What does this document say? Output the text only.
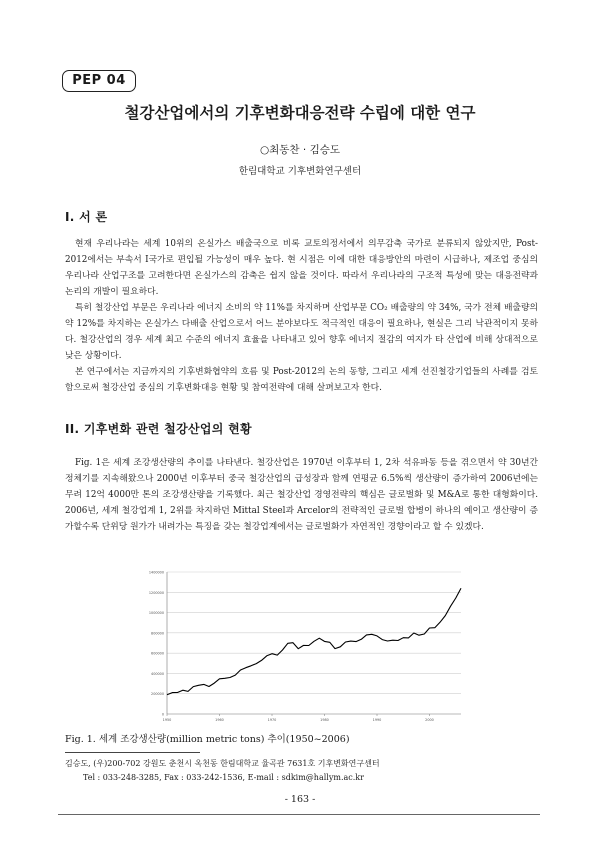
PEP 04
철강산업에서의 기후변화대응전략 수립에 대한 연구
○최동찬 · 김승도
한림대학교 기후변화연구센터
I. 서 론

현재 우리나라는 세계 10위의 온실가스 배출국으로 비록 교토의정서에서 의무감축 국가로 분류되지 않았지만, Post-2012에서는 부속서 I국가로 편입될 가능성이 매우 높다. 현 시점은 이에 대한 대응방안의 마련이 시급하나, 제조업 중심의 우리나라 산업구조를 고려한다면 온실가스의 감축은 쉽지 않을 것이다. 따라서 우리나라의 구조적 특성에 맞는 대응전략과 논리의 개발이 필요하다.

특히 철강산업 부문은 우리나라 에너지 소비의 약 11%를 차지하며 산업부문 CO₂ 배출량의 약 34%, 국가 전체 배출량의 약 12%를 차지하는 온실가스 다배출 산업으로서 어느 분야보다도 적극적인 대응이 필요하나, 현실은 그리 낙관적이지 못하다. 철강산업의 경우 세계 최고 수준의 에너지 효율을 나타내고 있어 향후 에너지 절감의 여지가 타 산업에 비해 상대적으로 낮은 상황이다.

본 연구에서는 지금까지의 기후변화협약의 흐름 및 Post-2012의 논의 동향, 그리고 세계 선진철강기업들의 사례를 검토함으로써 철강산업 중심의 기후변화대응 현황 및 참여전략에 대해 살펴보고자 한다.

II. 기후변화 관련 철강산업의 현황

Fig. 1은 세계 조강생산량의 추이를 나타낸다. 철강산업은 1970년 이후부터 1, 2차 석유파동 등을 겪으면서 약 30년간 정체기를 지속해왔으나 2000년 이후부터 중국 철강산업의 급성장과 함께 연평균 6.5%씩 생산량이 증가하여 2006년에는 무려 12억 4000만 톤의 조강생산량을 기록했다. 최근 철강산업 경영전략의 핵심은 글로벌화 및 M&A로 통한 대형화이다. 2006년, 세계 철강업계 1, 2위를 차지하던 Mittal Steel과 Arcelor의 전략적인 글로벌 합병이 하나의 예이고 생산량이 증가할수록 단위당 원가가 내려가는 특징을 갖는 철강업계에서는 글로벌화가 자연적인 경향이라고 할 수 있겠다.

0
200000
400000
600000
800000
1000000
1200000
1400000
1950	1960	1970	1980	1990	2000
Fig. 1. 세계 조강생산량(million metric tons) 추이(1950~2006)
김승도, (우)200-702 강원도 춘천시 옥천동 한림대학교 율곡관 7631호 기후변화연구센터
Tel : 033-248-3285, Fax : 033-242-1536, E-mail : sdkim@hallym.ac.kr
- 163 -
